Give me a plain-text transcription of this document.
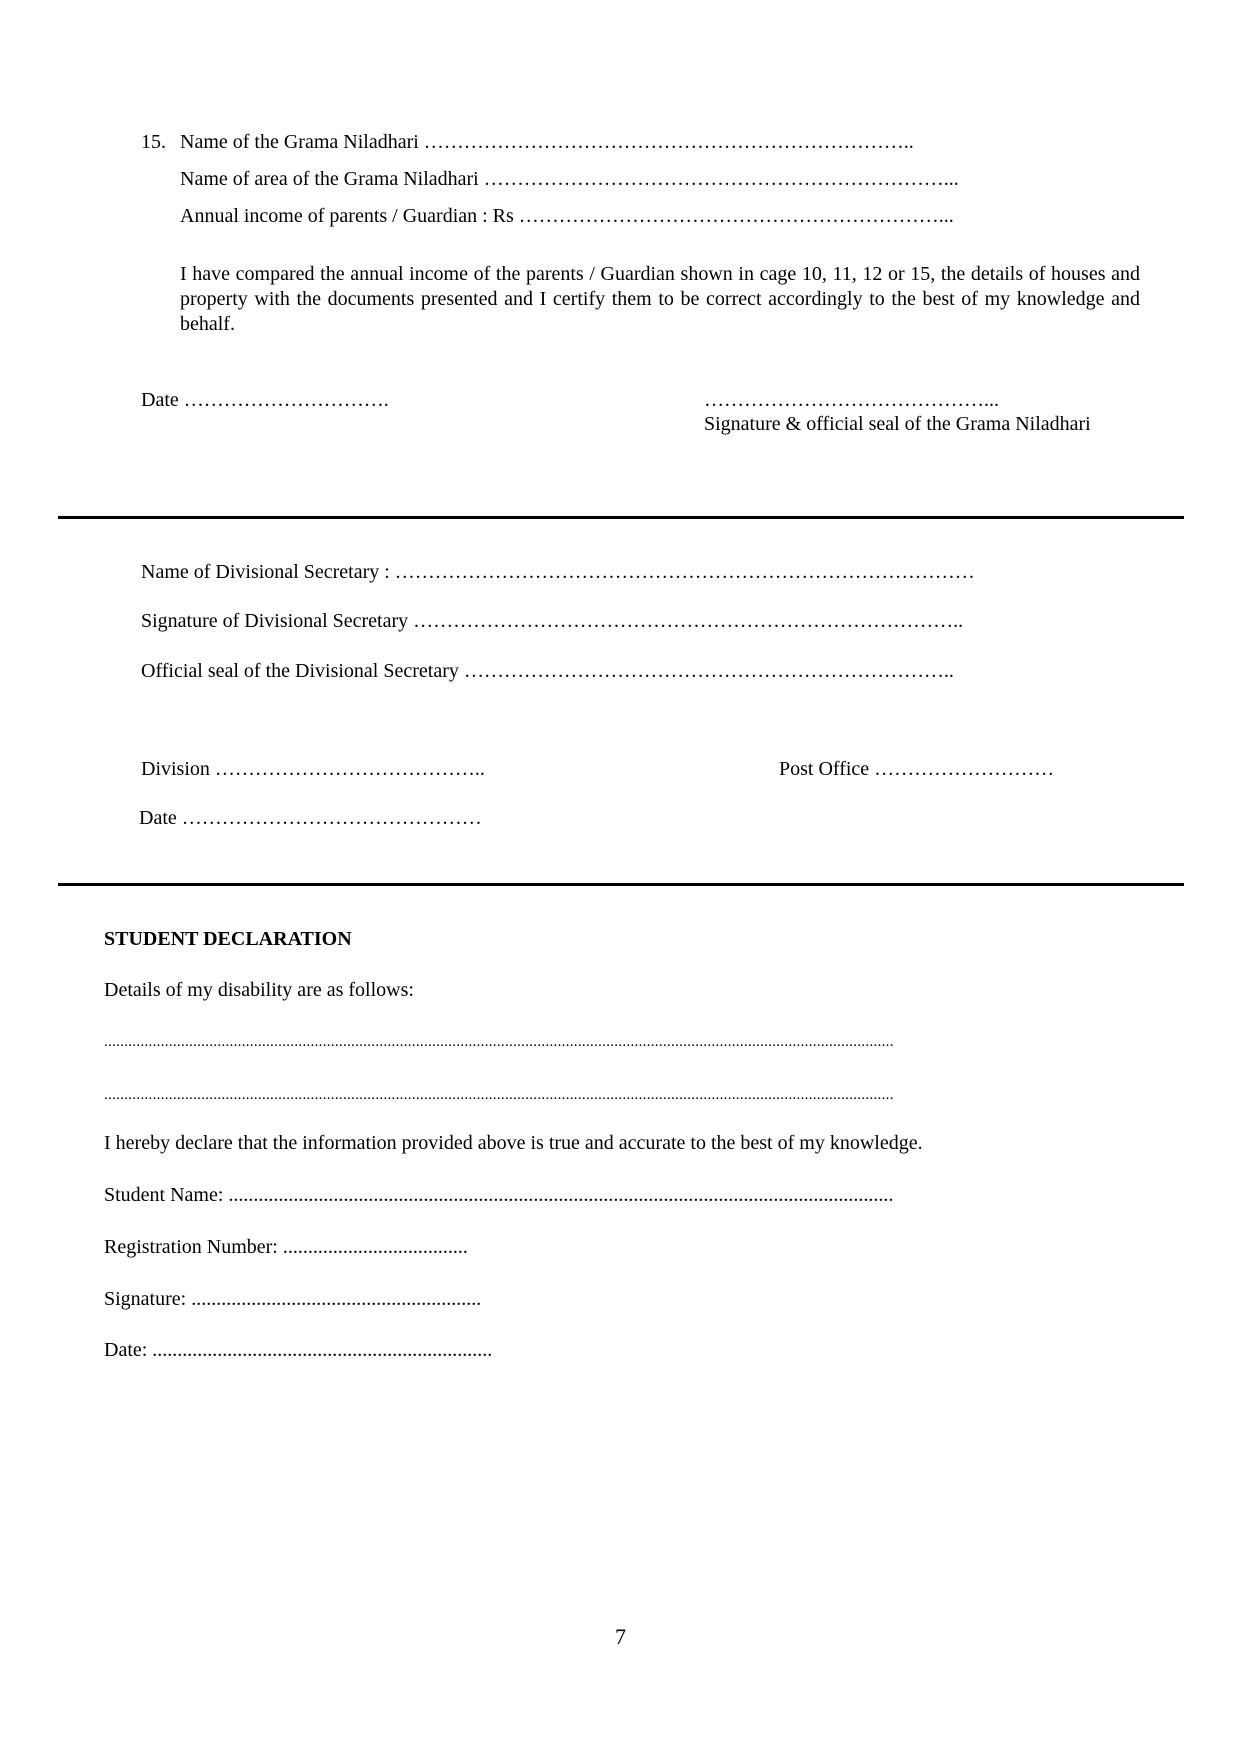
15. Name of the Grama Niladhari ………………………………………………………………..
Name of area of the Grama Niladhari ……………………………………………………………...
Annual income of parents / Guardian : Rs ………………………………………………………...
I have compared the annual income of the parents / Guardian shown in cage 10, 11, 12 or 15, the details of houses and property with the documents presented and I certify them to be correct accordingly to the best of my knowledge and behalf.
Date ………………………….	……………………………………...
Signature & official seal of the Grama Niladhari
Name of Divisional Secretary : ……………………………………………………………………………
Signature of Divisional Secretary ………………………………………………………………………..
Official seal of the Divisional Secretary ………………………………………………………………..
Division …………………………………..	Post Office ………………………
Date ………………………………………
STUDENT DECLARATION
Details of my disability are as follows:
...................................................................................................................................................................................................
...................................................................................................................................................................................................
I hereby declare that the information provided above is true and accurate to the best of my knowledge.
Student Name: .....................................................................................................................................
Registration Number: .....................................
Signature: ..........................................................
Date: ....................................................................
7
